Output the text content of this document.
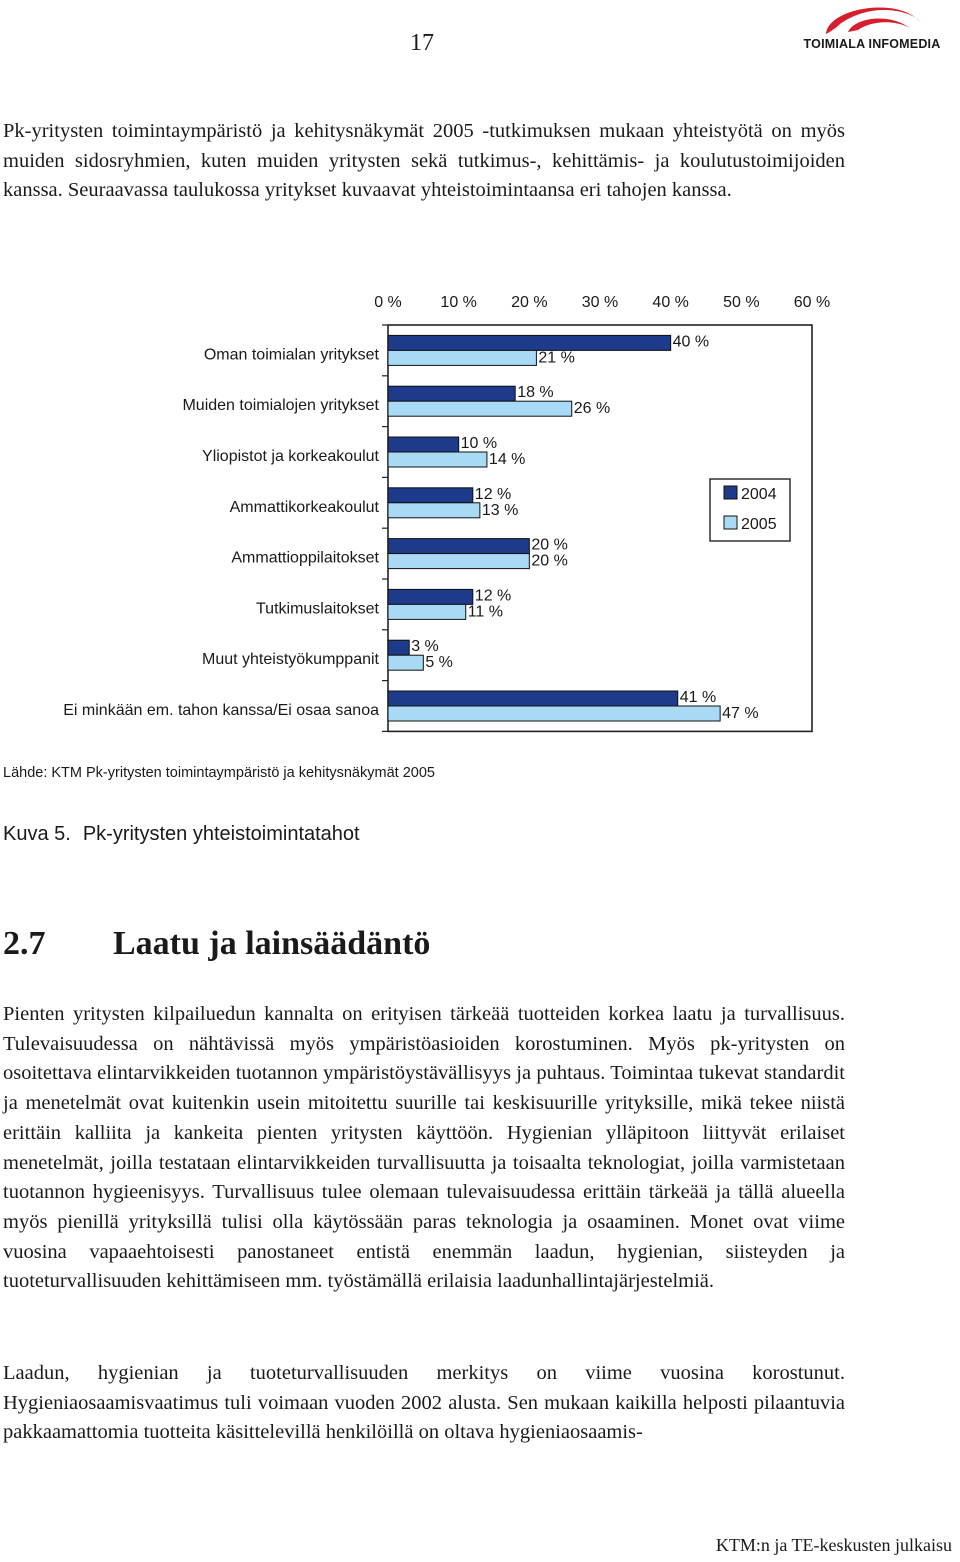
17	TOIMIALA INFOMEDIA

Pk-yritysten toimintaympäristö ja kehitysnäkymät 2005 -tutkimuksen mukaan yhteistyötä on myös muiden sidosryhmien, kuten muiden yritysten sekä tutkimus-, kehittämis- ja koulutustoimijoiden kanssa. Seuraavassa taulukossa yritykset kuvaavat yhteistoimintaansa eri tahojen kanssa.

0 % 10 % 20 % 30 % 40 % 50 % 60 %
Oman toimialan yritykset
Muiden toimialojen yritykset
Yliopistot ja korkeakoulut
Ammattikorkeakoulut
Ammattioppilaitokset
Tutkimuslaitokset
Muut yhteistyökumppanit
Ei minkään em. tahon kanssa/Ei osaa sanoa
40 %
18 %
10 %
12 %
20 %
12 %
3 %
41 %
21 %
26 %
14 %
13 %
20 %
11 %
5 %
47 %
2004
2005
Lähde: KTM Pk-yritysten toimintaympäristö ja kehitysnäkymät 2005
Kuva 5. Pk-yritysten yhteistoimintatahot
2.7 Laatu ja lainsäädäntö

Pienten yritysten kilpailuedun kannalta on erityisen tärkeää tuotteiden korkea laatu ja turvallisuus. Tulevaisuudessa on nähtävissä myös ympäristöasioiden korostuminen. Myös pk-yritysten on osoitettava elintarvikkeiden tuotannon ympäristöystävällisyys ja puhtaus. Toimintaa tukevat standardit ja menetelmät ovat kuitenkin usein mitoitettu suurille tai keskisuurille yrityksille, mikä tekee niistä erittäin kalliita ja kankeita pienten yritysten käyttöön. Hygienian ylläpitoon liittyvät erilaiset menetelmät, joilla testataan elintarvikkeiden turvallisuutta ja toisaalta teknologiat, joilla varmistetaan tuotannon hygieenisyys. Turvallisuus tulee olemaan tulevaisuudessa erittäin tärkeää ja tällä alueella myös pienillä yrityksillä tulisi olla käytössään paras teknologia ja osaaminen. Monet ovat viime vuosina vapaaehtoisesti panostaneet entistä enemmän laadun, hygienian, siisteyden ja tuoteturvallisuuden kehittämiseen mm. työstämällä erilaisia laadunhallintajärjestelmiä.

Laadun, hygienian ja tuoteturvallisuuden merkitys on viime vuosina korostunut. Hygieniaosaamisvaatimus tuli voimaan vuoden 2002 alusta. Sen mukaan kaikilla helposti pilaantuvia pakkaamattomia tuotteita käsittelevillä henkilöillä on oltava hygieniaosaamis-

KTM:n ja TE-keskusten julkaisu
